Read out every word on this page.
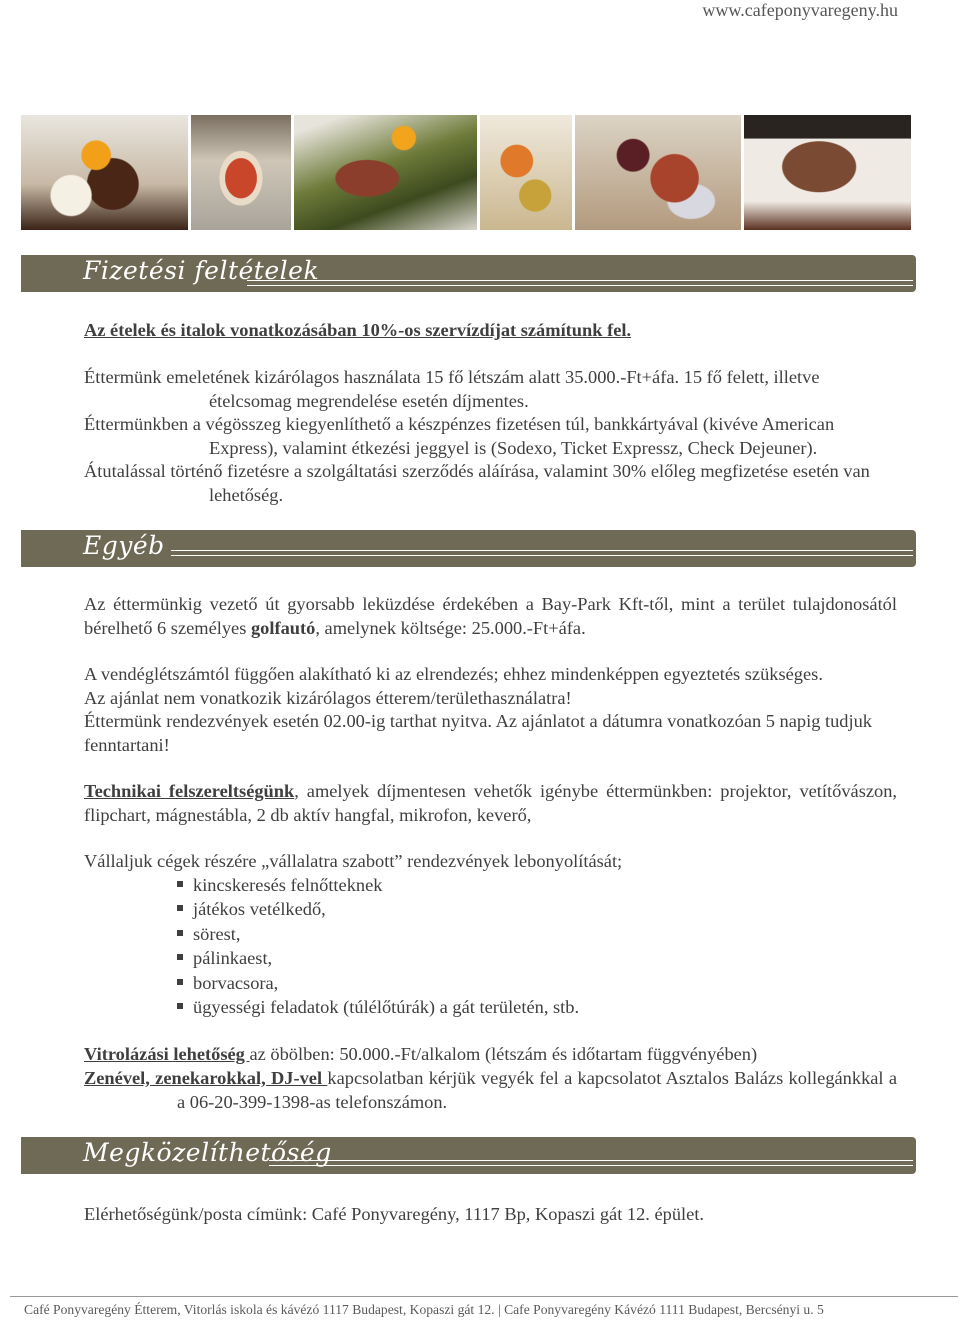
www.cafeponyvaregeny.hu
Fizetési feltételek

Az ételek és italok vonatkozásában 10%-os szervízdíjat számítunk fel.

Éttermünk emeletének kizárólagos használata 15 fő létszám alatt 35.000.-Ft+áfa. 15 fő felett, illetve ételcsomag megrendelése esetén díjmentes.

Éttermünkben a végösszeg kiegyenlíthető a készpénzes fizetésen túl, bankkártyával (kivéve American Express), valamint étkezési jeggyel is (Sodexo, Ticket Expressz, Check Dejeuner).

Átutalással történő fizetésre a szolgáltatási szerződés aláírása, valamint 30% előleg megfizetése esetén van lehetőség.

Egyéb

Az éttermünkig vezető út gyorsabb leküzdése érdekében a Bay-Park Kft-től, mint a terület tulajdonosától bérelhető 6 személyes golfautó, amelynek költsége: 25.000.-Ft+áfa.

A vendéglétszámtól függően alakítható ki az elrendezés; ehhez mindenképpen egyeztetés szükséges.

Az ajánlat nem vonatkozik kizárólagos étterem/területhasználatra!

Éttermünk rendezvények esetén 02.00-ig tarthat nyitva. Az ajánlatot a dátumra vonatkozóan 5 napig tudjuk fenntartani!

Technikai felszereltségünk, amelyek díjmentesen vehetők igénybe éttermünkben: projektor, vetítővászon, flipchart, mágnestábla, 2 db aktív hangfal, mikrofon, keverő,

Vállaljuk cégek részére „vállalatra szabott” rendezvények lebonyolítását;

kincskeresés felnőtteknek
játékos vetélkedő,
sörest,
pálinkaest,
borvacsora,
ügyességi feladatok (túlélőtúrák) a gát területén, stb.

Vitrolázási lehetőség az öbölben: 50.000.-Ft/alkalom (létszám és időtartam függvényében)

Zenével, zenekarokkal, DJ-vel kapcsolatban kérjük vegyék fel a kapcsolatot Asztalos Balázs kollegánkkal a a 06-20-399-1398-as telefonszámon.

Megközelíthetőség

Elérhetőségünk/posta címünk: Café Ponyvaregény, 1117 Bp, Kopaszi gát 12. épület.

Café Ponyvaregény Étterem, Vitorlás iskola és kávézó 1117 Budapest, Kopaszi gát 12. | Cafe Ponyvaregény Kávézó 1111 Budapest, Bercsényi u. 5
